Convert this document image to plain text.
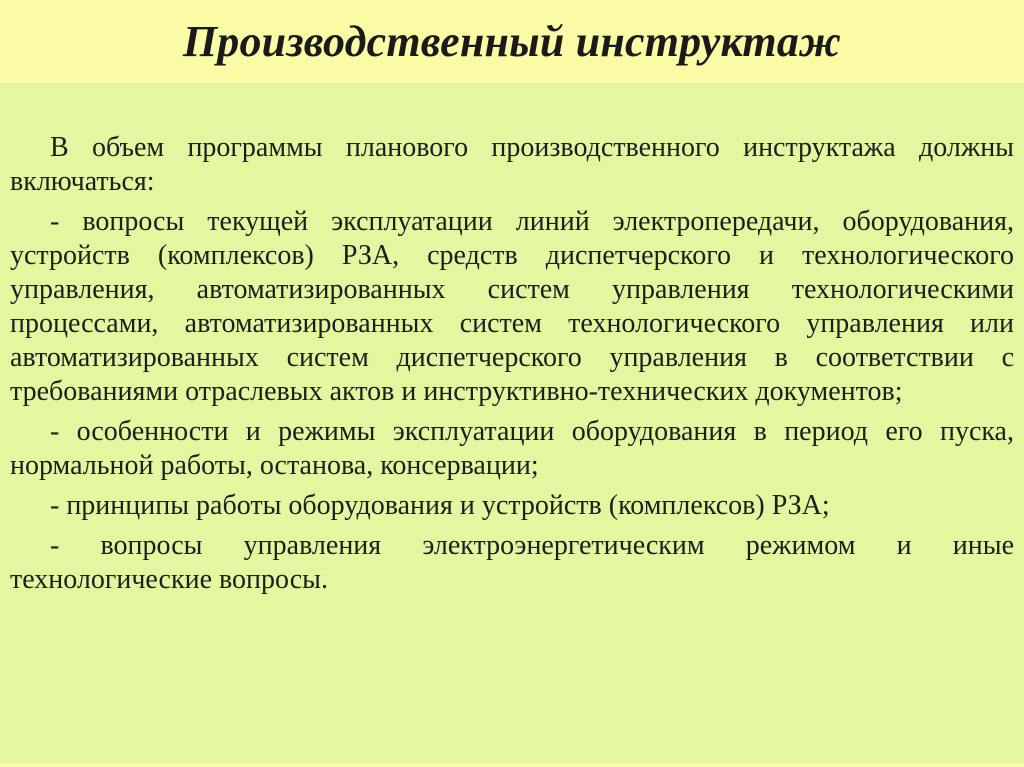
Производственный инструктаж

В объем программы планового производственного инструктажа должны включаться:

- вопросы текущей эксплуатации линий электропередачи, оборудования, устройств (комплексов) РЗА, средств диспетчерского и технологического управления, автоматизированных систем управления технологическими процессами, автоматизированных систем технологического управления или автоматизированных систем диспетчерского управления в соответствии с требованиями отраслевых актов и инструктивно-технических документов;

- особенности и режимы эксплуатации оборудования в период его пуска, нормальной работы, останова, консервации;

- принципы работы оборудования и устройств (комплексов) РЗА;

- вопросы управления электроэнергетическим режимом и иные технологические вопросы.
